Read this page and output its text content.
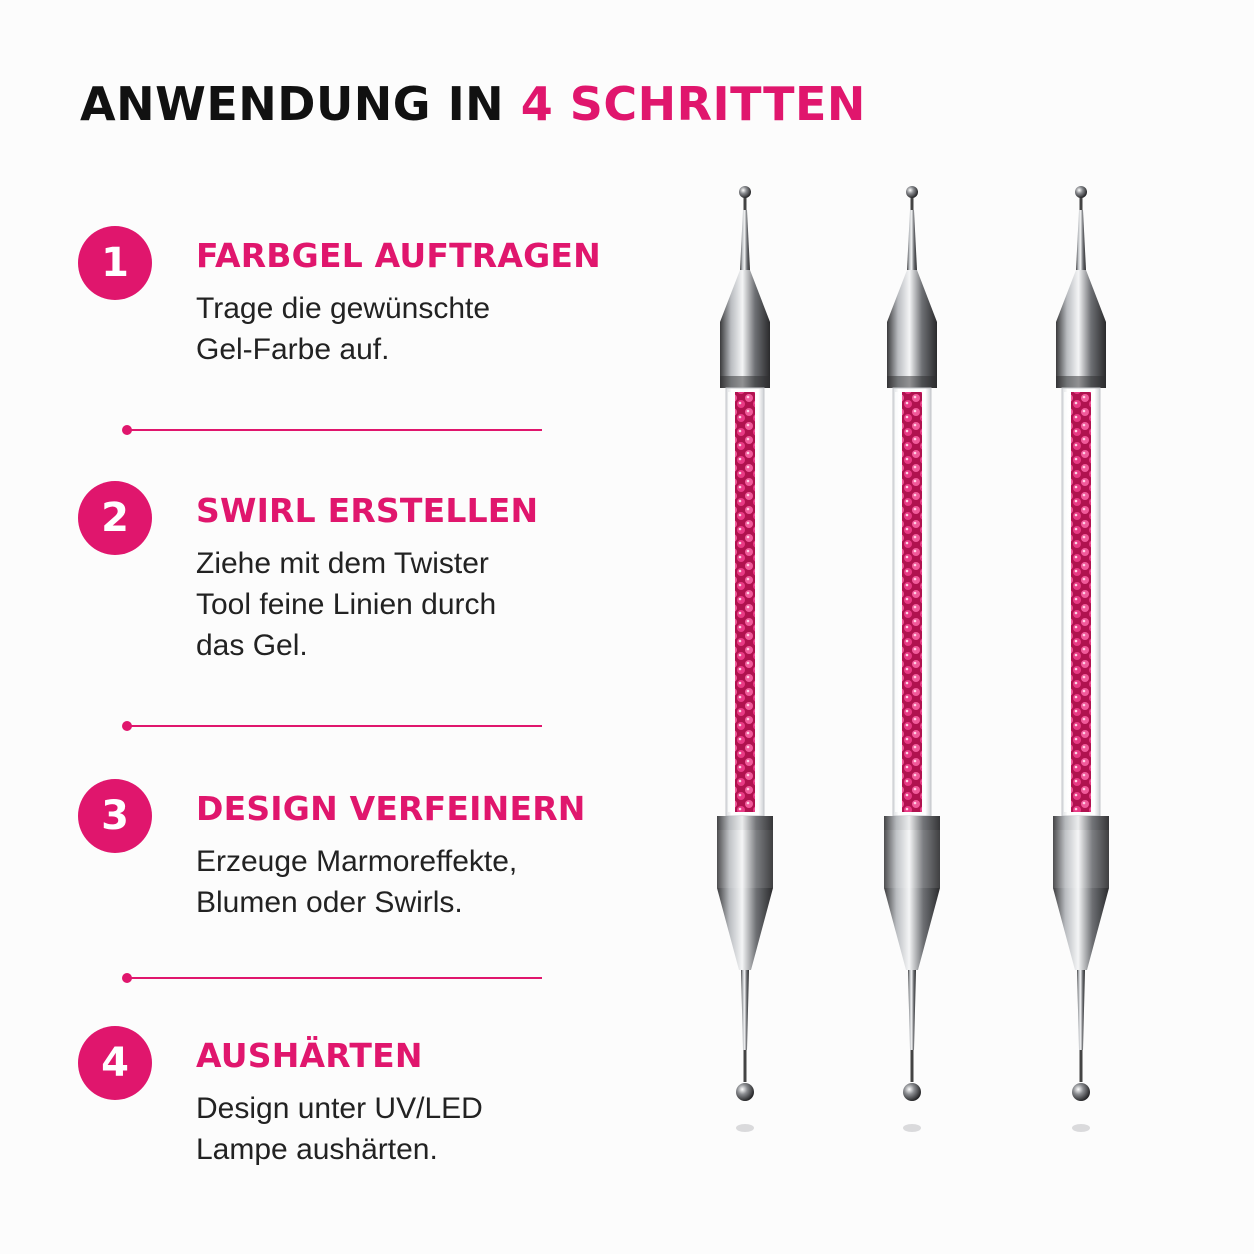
ANWENDUNG IN 4 SCHRITTEN
1	FARBGEL AUFTRAGEN
Trage die gewünschte Gel-Farbe auf.
2	SWIRL ERSTELLEN
Ziehe mit dem Twister Tool feine Linien durch das Gel.
3	DESIGN VERFEINERN
Erzeuge Marmoreffekte, Blumen oder Swirls.
4	AUSHÄRTEN
Design unter UV/LED Lampe aushärten.
